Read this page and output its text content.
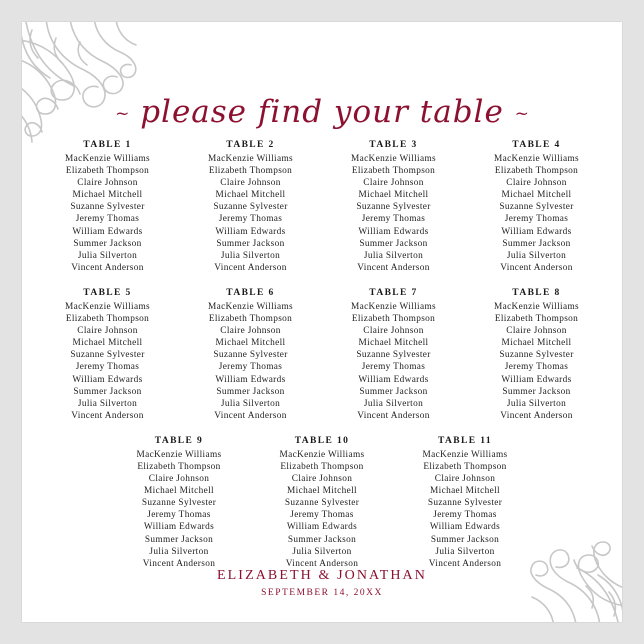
~ please find your table ~
TABLE 1
MacKenzie Williams
Elizabeth Thompson
Claire Johnson
Michael Mitchell
Suzanne Sylvester
Jeremy Thomas
William Edwards
Summer Jackson
Julia Silverton
Vincent Anderson
TABLE 2
MacKenzie Williams
Elizabeth Thompson
Claire Johnson
Michael Mitchell
Suzanne Sylvester
Jeremy Thomas
William Edwards
Summer Jackson
Julia Silverton
Vincent Anderson
TABLE 3
MacKenzie Williams
Elizabeth Thompson
Claire Johnson
Michael Mitchell
Suzanne Sylvester
Jeremy Thomas
William Edwards
Summer Jackson
Julia Silverton
Vincent Anderson
TABLE 4
MacKenzie Williams
Elizabeth Thompson
Claire Johnson
Michael Mitchell
Suzanne Sylvester
Jeremy Thomas
William Edwards
Summer Jackson
Julia Silverton
Vincent Anderson
TABLE 5
MacKenzie Williams
Elizabeth Thompson
Claire Johnson
Michael Mitchell
Suzanne Sylvester
Jeremy Thomas
William Edwards
Summer Jackson
Julia Silverton
Vincent Anderson
TABLE 6
MacKenzie Williams
Elizabeth Thompson
Claire Johnson
Michael Mitchell
Suzanne Sylvester
Jeremy Thomas
William Edwards
Summer Jackson
Julia Silverton
Vincent Anderson
TABLE 7
MacKenzie Williams
Elizabeth Thompson
Claire Johnson
Michael Mitchell
Suzanne Sylvester
Jeremy Thomas
William Edwards
Summer Jackson
Julia Silverton
Vincent Anderson
TABLE 8
MacKenzie Williams
Elizabeth Thompson
Claire Johnson
Michael Mitchell
Suzanne Sylvester
Jeremy Thomas
William Edwards
Summer Jackson
Julia Silverton
Vincent Anderson
TABLE 9
MacKenzie Williams
Elizabeth Thompson
Claire Johnson
Michael Mitchell
Suzanne Sylvester
Jeremy Thomas
William Edwards
Summer Jackson
Julia Silverton
Vincent Anderson
TABLE 10
MacKenzie Williams
Elizabeth Thompson
Claire Johnson
Michael Mitchell
Suzanne Sylvester
Jeremy Thomas
William Edwards
Summer Jackson
Julia Silverton
Vincent Anderson
TABLE 11
MacKenzie Williams
Elizabeth Thompson
Claire Johnson
Michael Mitchell
Suzanne Sylvester
Jeremy Thomas
William Edwards
Summer Jackson
Julia Silverton
Vincent Anderson
ELIZABETH & JONATHAN
SEPTEMBER 14, 20XX
